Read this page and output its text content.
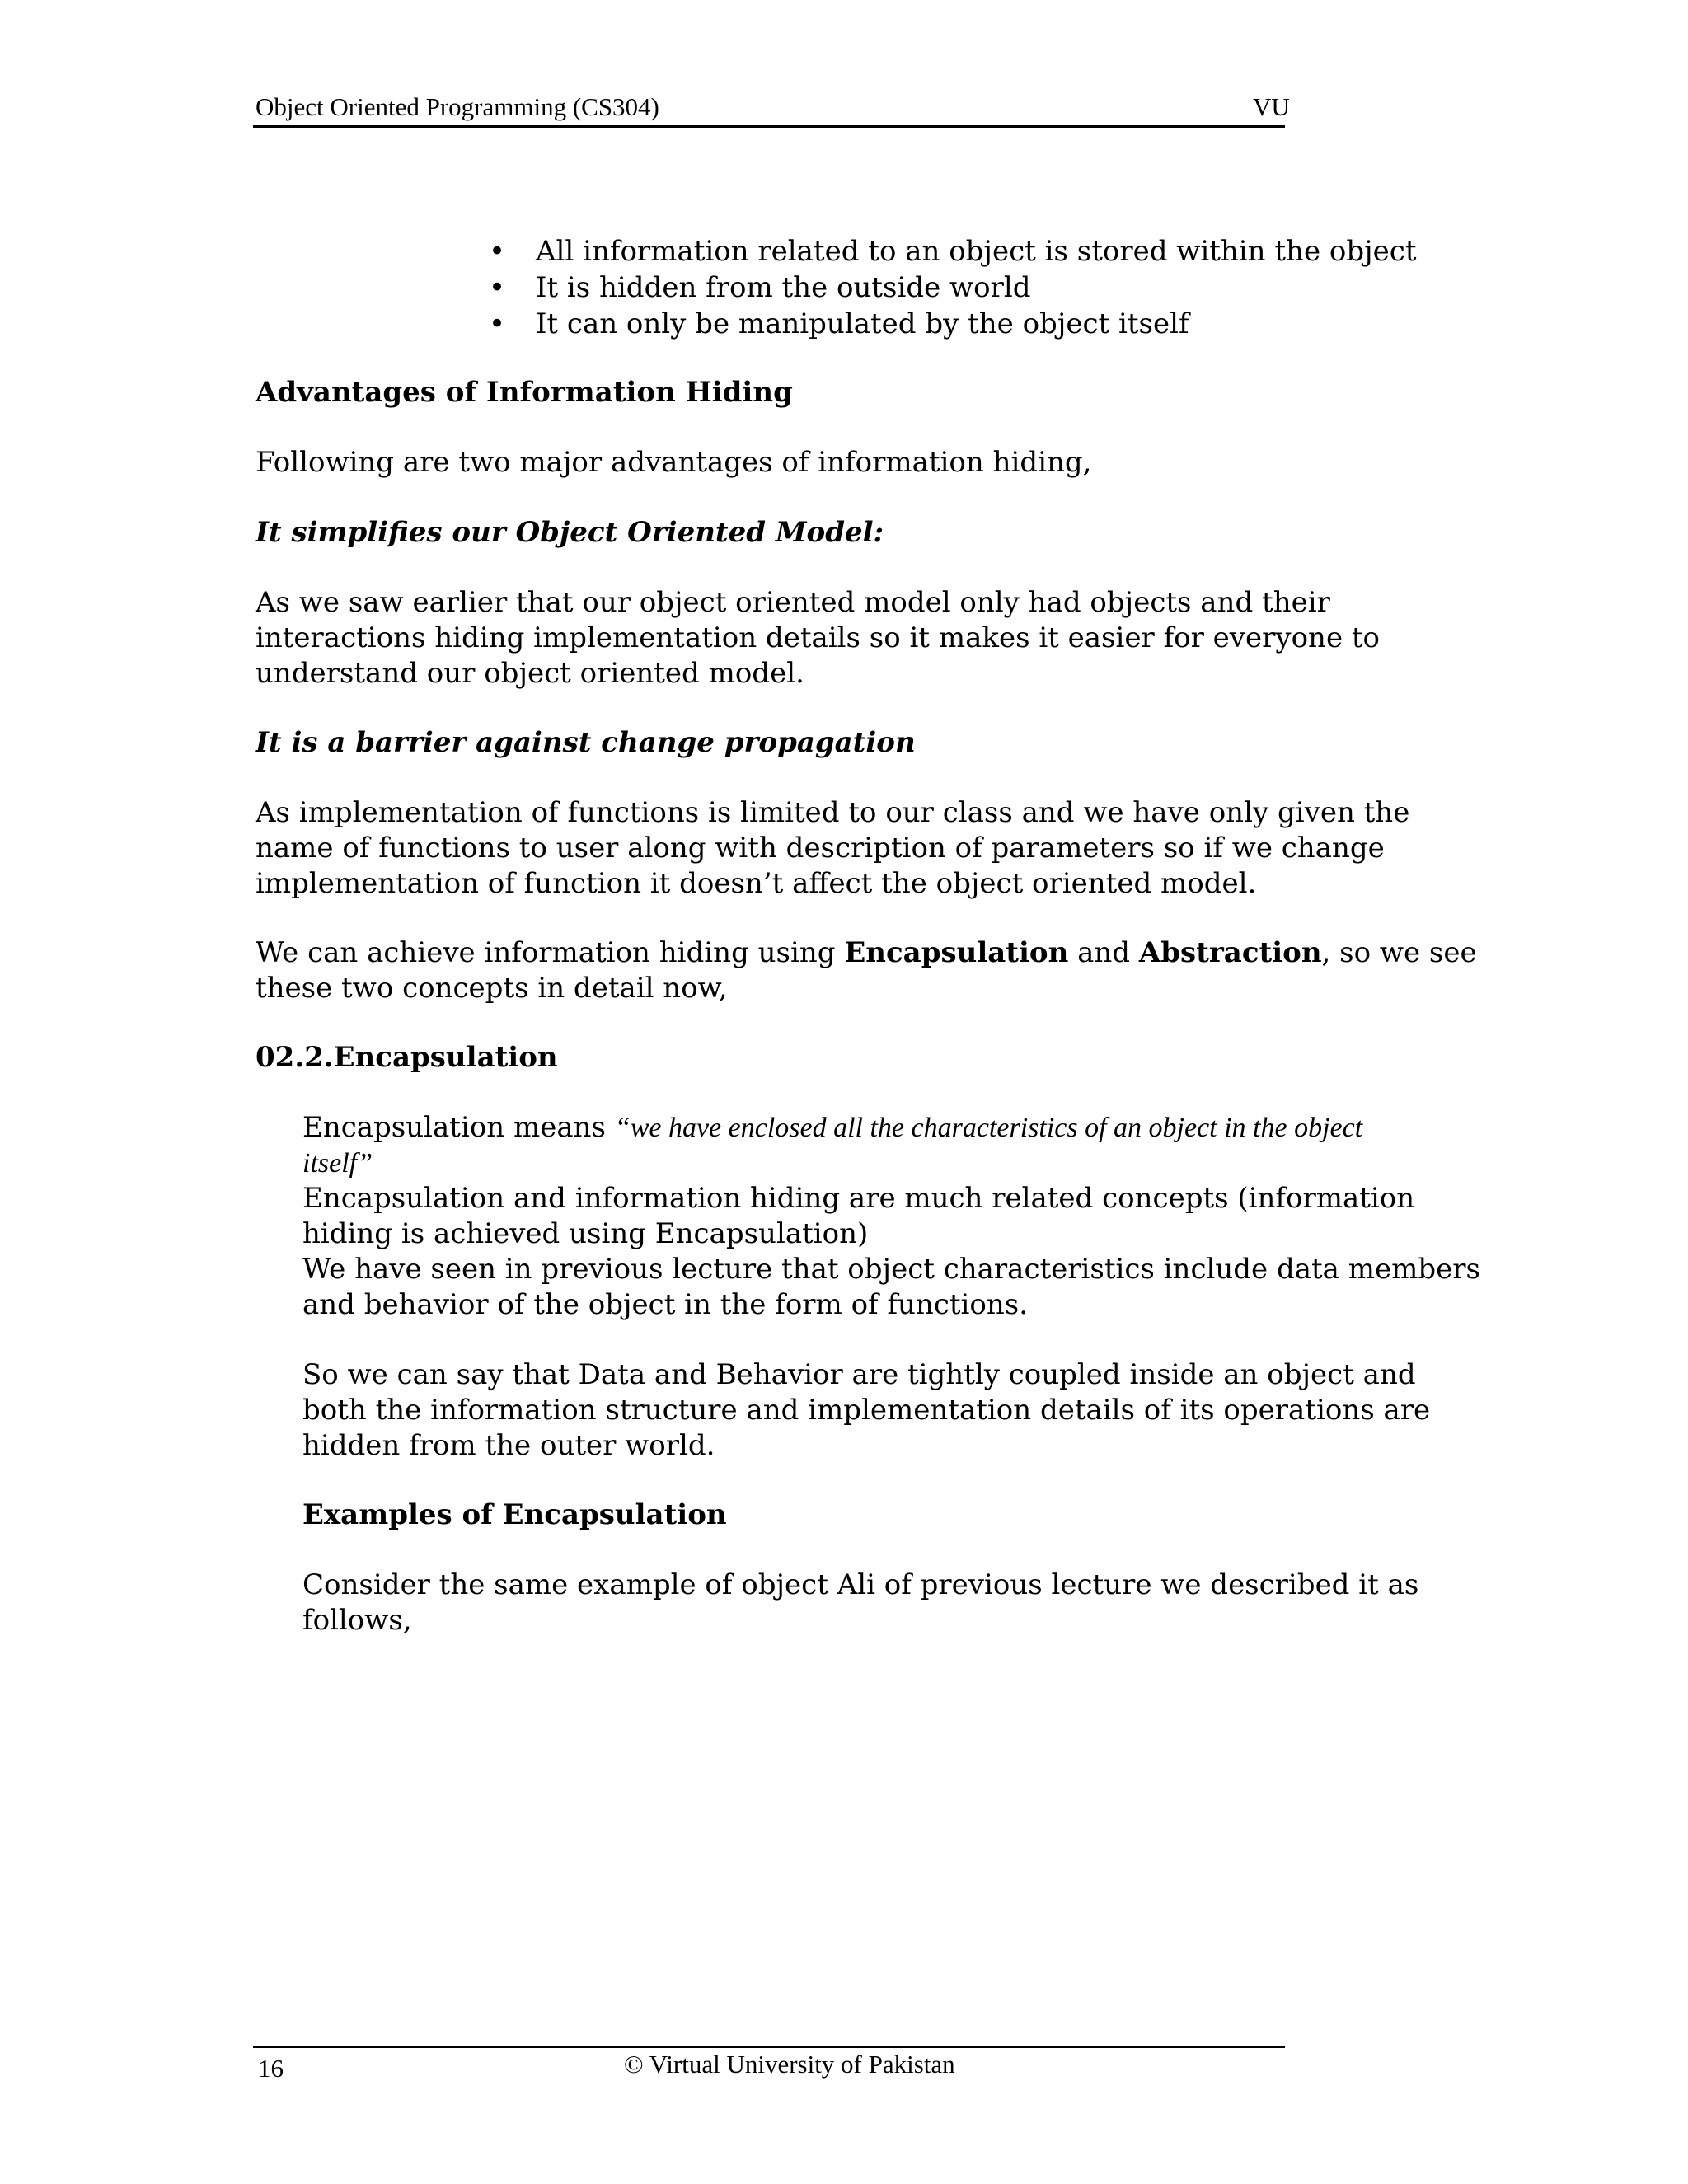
Object Oriented Programming (CS304)	VU
• All information related to an object is stored within the object
• It is hidden from the outside world
• It can only be manipulated by the object itself
Advantages of Information Hiding
Following are two major advantages of information hiding,
It simplifies our Object Oriented Model:
As we saw earlier that our object oriented model only had objects and their
interactions hiding implementation details so it makes it easier for everyone to
understand our object oriented model.
It is a barrier against change propagation
As implementation of functions is limited to our class and we have only given the
name of functions to user along with description of parameters so if we change
implementation of function it doesn’t affect the object oriented model.
We can achieve information hiding using Encapsulation and Abstraction, so we see
these two concepts in detail now,
02.2.Encapsulation
Encapsulation means “we have enclosed all the characteristics of an object in the object
itself”
Encapsulation and information hiding are much related concepts (information
hiding is achieved using Encapsulation)
We have seen in previous lecture that object characteristics include data members
and behavior of the object in the form of functions.
So we can say that Data and Behavior are tightly coupled inside an object and
both the information structure and implementation details of its operations are
hidden from the outer world.
Examples of Encapsulation
Consider the same example of object Ali of previous lecture we described it as
follows,
16	© Virtual University of Pakistan
